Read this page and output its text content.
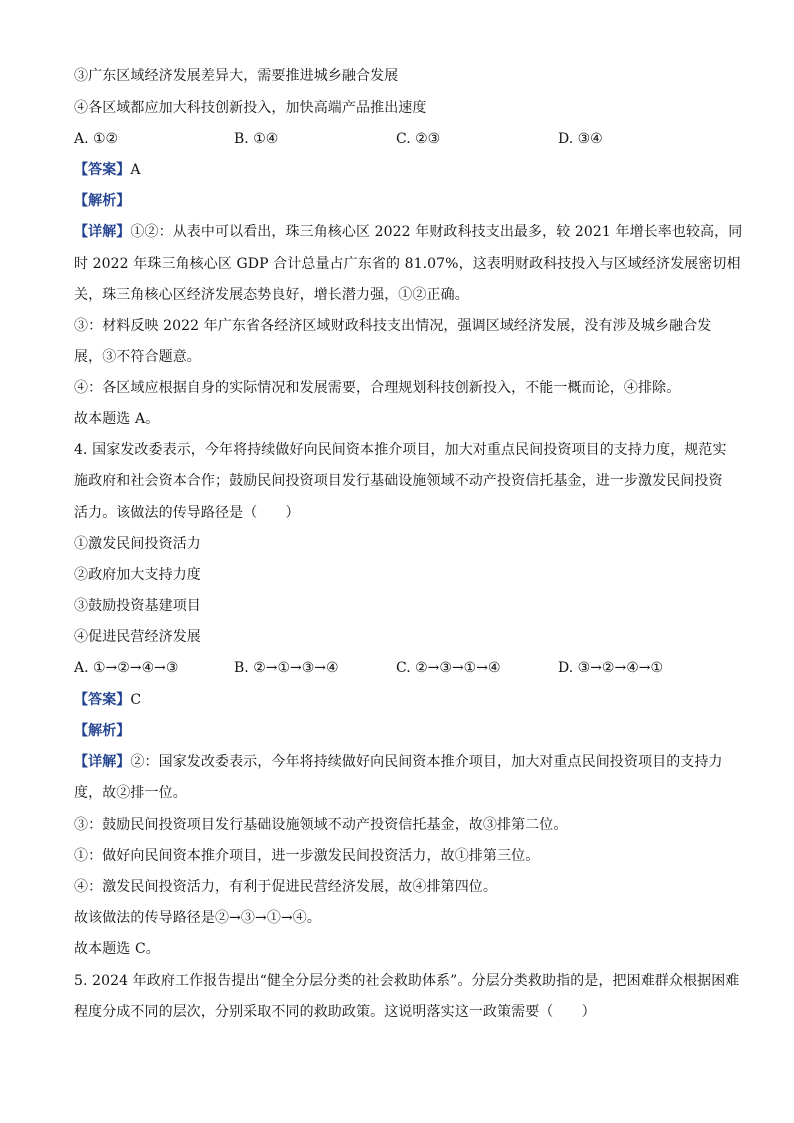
③广东区域经济发展差异大，需要推进城乡融合发展
④各区域都应加大科技创新投入，加快高端产品推出速度
A. ①②	B. ①④	C. ②③	D. ③④
【答案】A
【解析】
【详解】①②：从表中可以看出，珠三角核心区 2022 年财政科技支出最多，较 2021 年增长率也较高，同
时 2022 年珠三角核心区 GDP 合计总量占广东省的 81.07%，这表明财政科技投入与区域经济发展密切相
关，珠三角核心区经济发展态势良好，增长潜力强，①②正确。
③：材料反映 2022 年广东省各经济区域财政科技支出情况，强调区域经济发展，没有涉及城乡融合发
展，③不符合题意。
④：各区域应根据自身的实际情况和发展需要，合理规划科技创新投入，不能一概而论，④排除。
故本题选 A。
4. 国家发改委表示，今年将持续做好向民间资本推介项目，加大对重点民间投资项目的支持力度，规范实
施政府和社会资本合作；鼓励民间投资项目发行基础设施领域不动产投资信托基金，进一步激发民间投资
活力。该做法的传导路径是（　　）
①激发民间投资活力
②政府加大支持力度
③鼓励投资基建项目
④促进民营经济发展
A. ①→②→④→③	B. ②→①→③→④	C. ②→③→①→④	D. ③→②→④→①
【答案】C
【解析】
【详解】②：国家发改委表示，今年将持续做好向民间资本推介项目，加大对重点民间投资项目的支持力
度，故②排一位。
③：鼓励民间投资项目发行基础设施领域不动产投资信托基金，故③排第二位。
①：做好向民间资本推介项目，进一步激发民间投资活力，故①排第三位。
④：激发民间投资活力，有利于促进民营经济发展，故④排第四位。
故该做法的传导路径是②→③→①→④。
故本题选 C。
5. 2024 年政府工作报告提出“健全分层分类的社会救助体系”。分层分类救助指的是，把困难群众根据困难
程度分成不同的层次，分别采取不同的救助政策。这说明落实这一政策需要（　　）
